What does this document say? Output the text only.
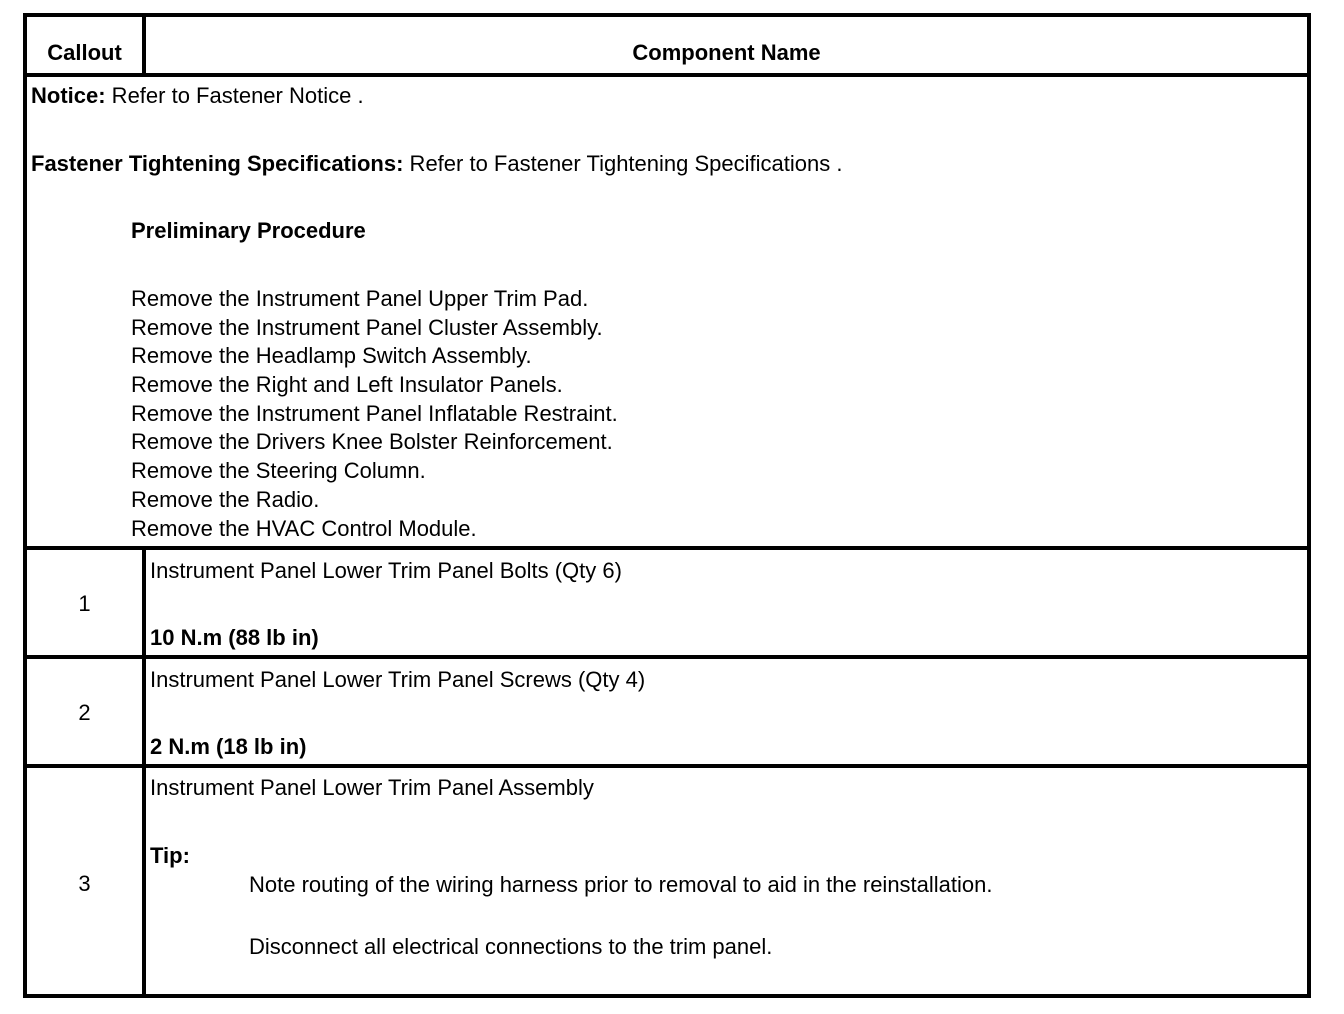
Callout	Component Name
Notice: Refer to Fastener Notice .
Fastener Tightening Specifications: Refer to Fastener Tightening Specifications .
Preliminary Procedure
Remove the Instrument Panel Upper Trim Pad.
Remove the Instrument Panel Cluster Assembly.
Remove the Headlamp Switch Assembly.
Remove the Right and Left Insulator Panels.
Remove the Instrument Panel Inflatable Restraint.
Remove the Drivers Knee Bolster Reinforcement.
Remove the Steering Column.
Remove the Radio.
Remove the HVAC Control Module.
1
Instrument Panel Lower Trim Panel Bolts (Qty 6)
10 N.m (88 lb in)
2
Instrument Panel Lower Trim Panel Screws (Qty 4)
2 N.m (18 lb in)
3
Instrument Panel Lower Trim Panel Assembly
Tip:
Note routing of the wiring harness prior to removal to aid in the reinstallation.
Disconnect all electrical connections to the trim panel.
